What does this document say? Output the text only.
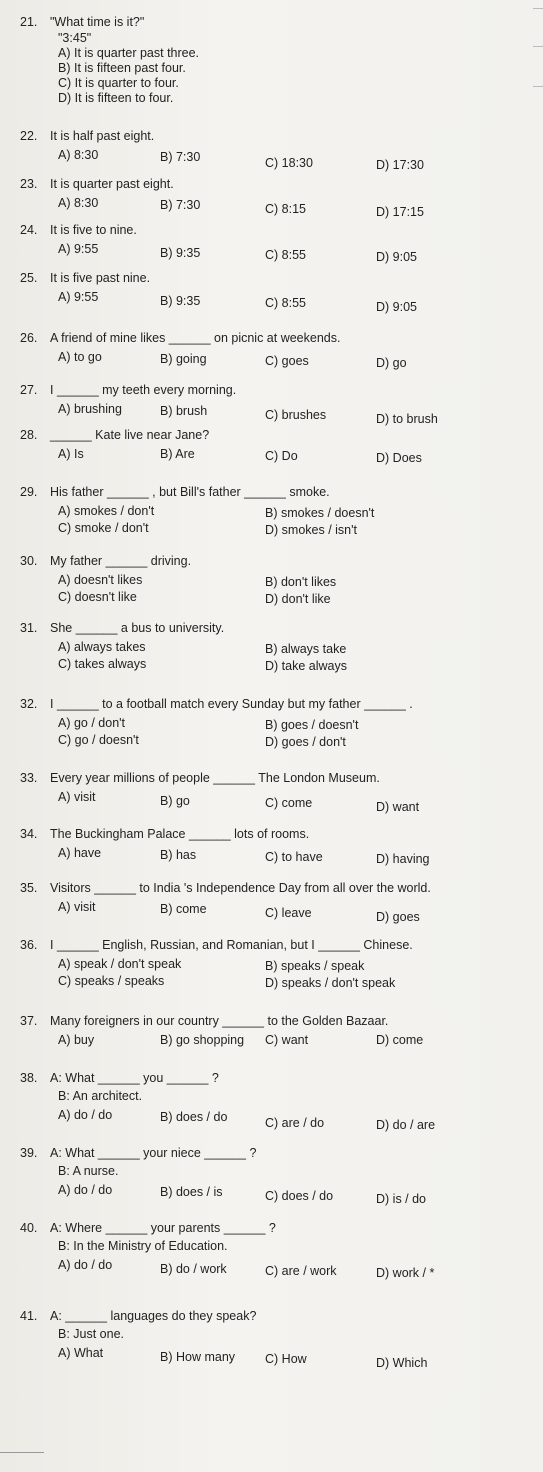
21. "What time is it?"
"3:45"
A) It is quarter past three.
B) It is fifteen past four.
C) It is quarter to four.
D) It is fifteen to four.
22. It is half past eight.
A) 8:30	B) 7:30	C) 18:30	D) 17:30
23. It is quarter past eight.
A) 8:30	B) 7:30	C) 8:15	D) 17:15
24. It is five to nine.
A) 9:55	B) 9:35	C) 8:55	D) 9:05
25. It is five past nine.
A) 9:55	B) 9:35	C) 8:55	D) 9:05
26. A friend of mine likes ______ on picnic at weekends.
A) to go	B) going	C) goes	D) go
27. I ______ my teeth every morning.
A) brushing	B) brush	C) brushes	D) to brush
28. ______ Kate live near Jane?
A) Is	B) Are	C) Do	D) Does
29. His father ______ , but Bill's father ______ smoke.
A) smokes / don't	B) smokes / doesn't
C) smoke / don't	D) smokes / isn't
30. My father ______ driving.
A) doesn't likes	B) don't likes
C) doesn't like	D) don't like
31. She ______ a bus to university.
A) always takes	B) always take
C) takes always	D) take always
32. I ______ to a football match every Sunday but my father ______ .
A) go / don't	B) goes / doesn't
C) go / doesn't	D) goes / don't
33. Every year millions of people ______ The London Museum.
A) visit	B) go	C) come	D) want
34. The Buckingham Palace ______ lots of rooms.
A) have	B) has	C) to have	D) having
35. Visitors ______ to India 's Independence Day from all over the world.
A) visit	B) come	C) leave	D) goes
36. I ______ English, Russian, and Romanian, but I ______ Chinese.
A) speak / don't speak	B) speaks / speak
C) speaks / speaks	D) speaks / don't speak
37. Many foreigners in our country ______ to the Golden Bazaar.
A) buy	B) go shopping C) want	D) come
38. A: What ______ you ______ ?
B: An architect.
A) do / do	B) does / do	C) are / do	D) do / are
39. A: What ______ your niece ______ ?
B: A nurse.
A) do / do	B) does / is	C) does / do	D) is / do
40. A: Where ______ your parents ______ ?
B: In the Ministry of Education.
A) do / do	B) do / work	C) are / work	D) work / *
41. A: ______ languages do they speak?
B: Just one.
A) What	B) How many C) How	D) Which
